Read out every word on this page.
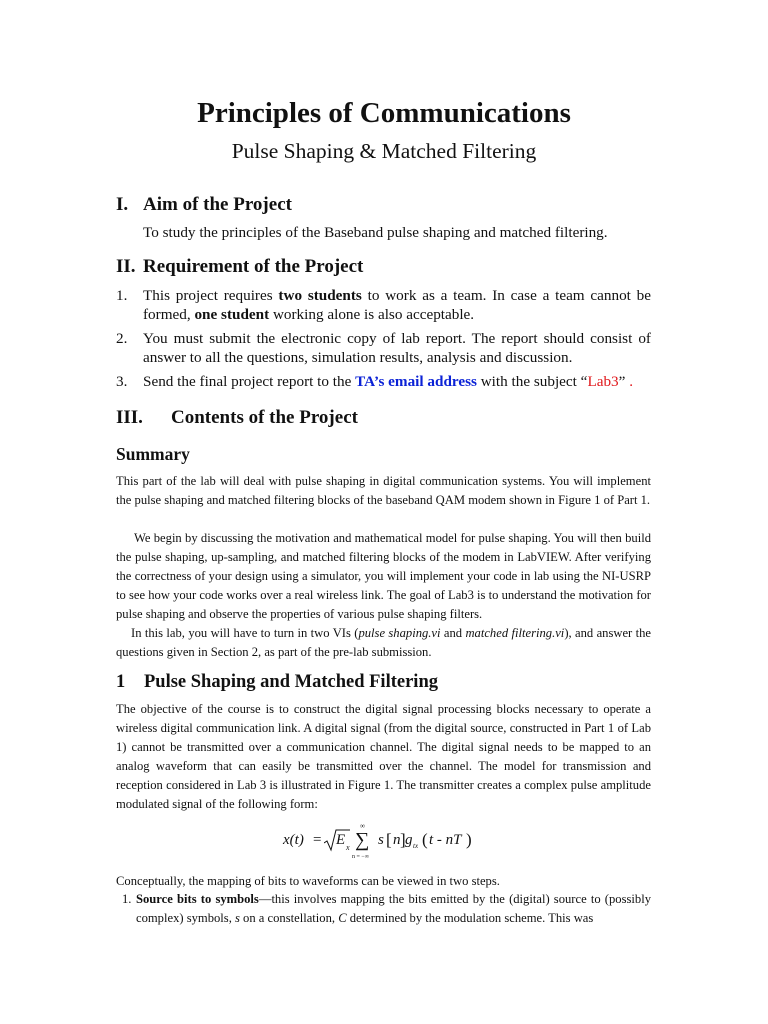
Principles of Communications
Pulse Shaping & Matched Filtering
I. Aim of the Project
To study the principles of the Baseband pulse shaping and matched filtering.
II. Requirement of the Project
1. This project requires two students to work as a team. In case a team cannot be formed, one student working alone is also acceptable.
2. You must submit the electronic copy of lab report. The report should consist of answer to all the questions, simulation results, analysis and discussion.
3. Send the final project report to the TA’s email address with the subject “Lab3” .
III. Contents of the Project
Summary

This part of the lab will deal with pulse shaping in digital communication systems. You will implement the pulse shaping and matched filtering blocks of the baseband QAM modem shown in Figure 1 of Part 1.

We begin by discussing the motivation and mathematical model for pulse shaping. You will then build the pulse shaping, up-sampling, and matched filtering blocks of the modem in LabVIEW. After verifying the correctness of your design using a simulator, you will implement your code in lab using the NI-USRP to see how your code works over a real wireless link. The goal of Lab3 is to understand the motivation for pulse shaping and observe the properties of various pulse shaping filters.

In this lab, you will have to turn in two VIs (pulse shaping.vi and matched filtering.vi), and answer the questions given in Section 2, as part of the pre-lab submission.

1 Pulse Shaping and Matched Filtering

The objective of the course is to construct the digital signal processing blocks necessary to operate a wireless digital communication link. A digital signal (from the digital source, constructed in Part 1 of Lab 1) cannot be transmitted over a communication channel. The digital signal needs to be mapped to an analog waveform that can easily be transmitted over the channel. The model for transmission and reception considered in Lab 3 is illustrated in Figure 1. The transmitter creates a complex pulse amplitude modulated signal of the following form:

x(t) = E x
∞
∑
n = −∞
s [ n ] g tx ( t - nT )

Conceptually, the mapping of bits to waveforms can be viewed in two steps.

1. Source bits to symbols—this involves mapping the bits emitted by the (digital) source to (possibly complex) symbols, s on a constellation, C determined by the modulation scheme. This was
